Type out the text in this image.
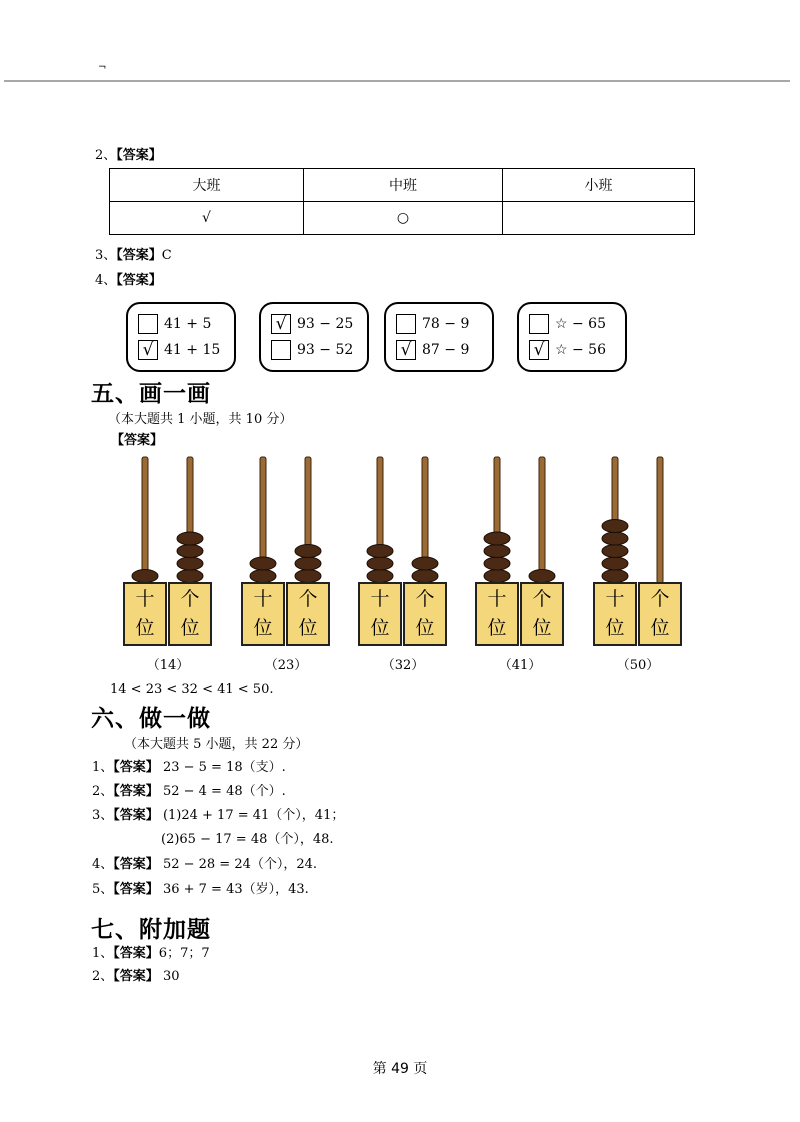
¬
2、【答案】
大班	中班	小班
√	○	
3、【答案】C
4、【答案】
41 + 5
√ 41 + 15
√ 93 − 25
93 − 52
78 − 9
√ 87 − 9
☆ − 65
√ ☆ − 56
五、画一画
（本大题共 1 小题，共 10 分）
【答案】
十
位
个
位
（14）
十
位
个
位
（23）
十
位
个
位
（32）
十
位
个
位
（41）
十
位
个
位
（50）
14 < 23 < 32 < 41 < 50.
六、做一做
（本大题共 5 小题，共 22 分）
1、【答案】 23 − 5 = 18（支）.
2、【答案】 52 − 4 = 48（个）.
3、【答案】 (1)24 + 17 = 41（个），41；
(2)65 − 17 = 48（个），48.
4、【答案】 52 − 28 = 24（个），24.
5、【答案】 36 + 7 = 43（岁），43.
七、附加题
1、【答案】6；7；7
2、【答案】 30
第 49 页
